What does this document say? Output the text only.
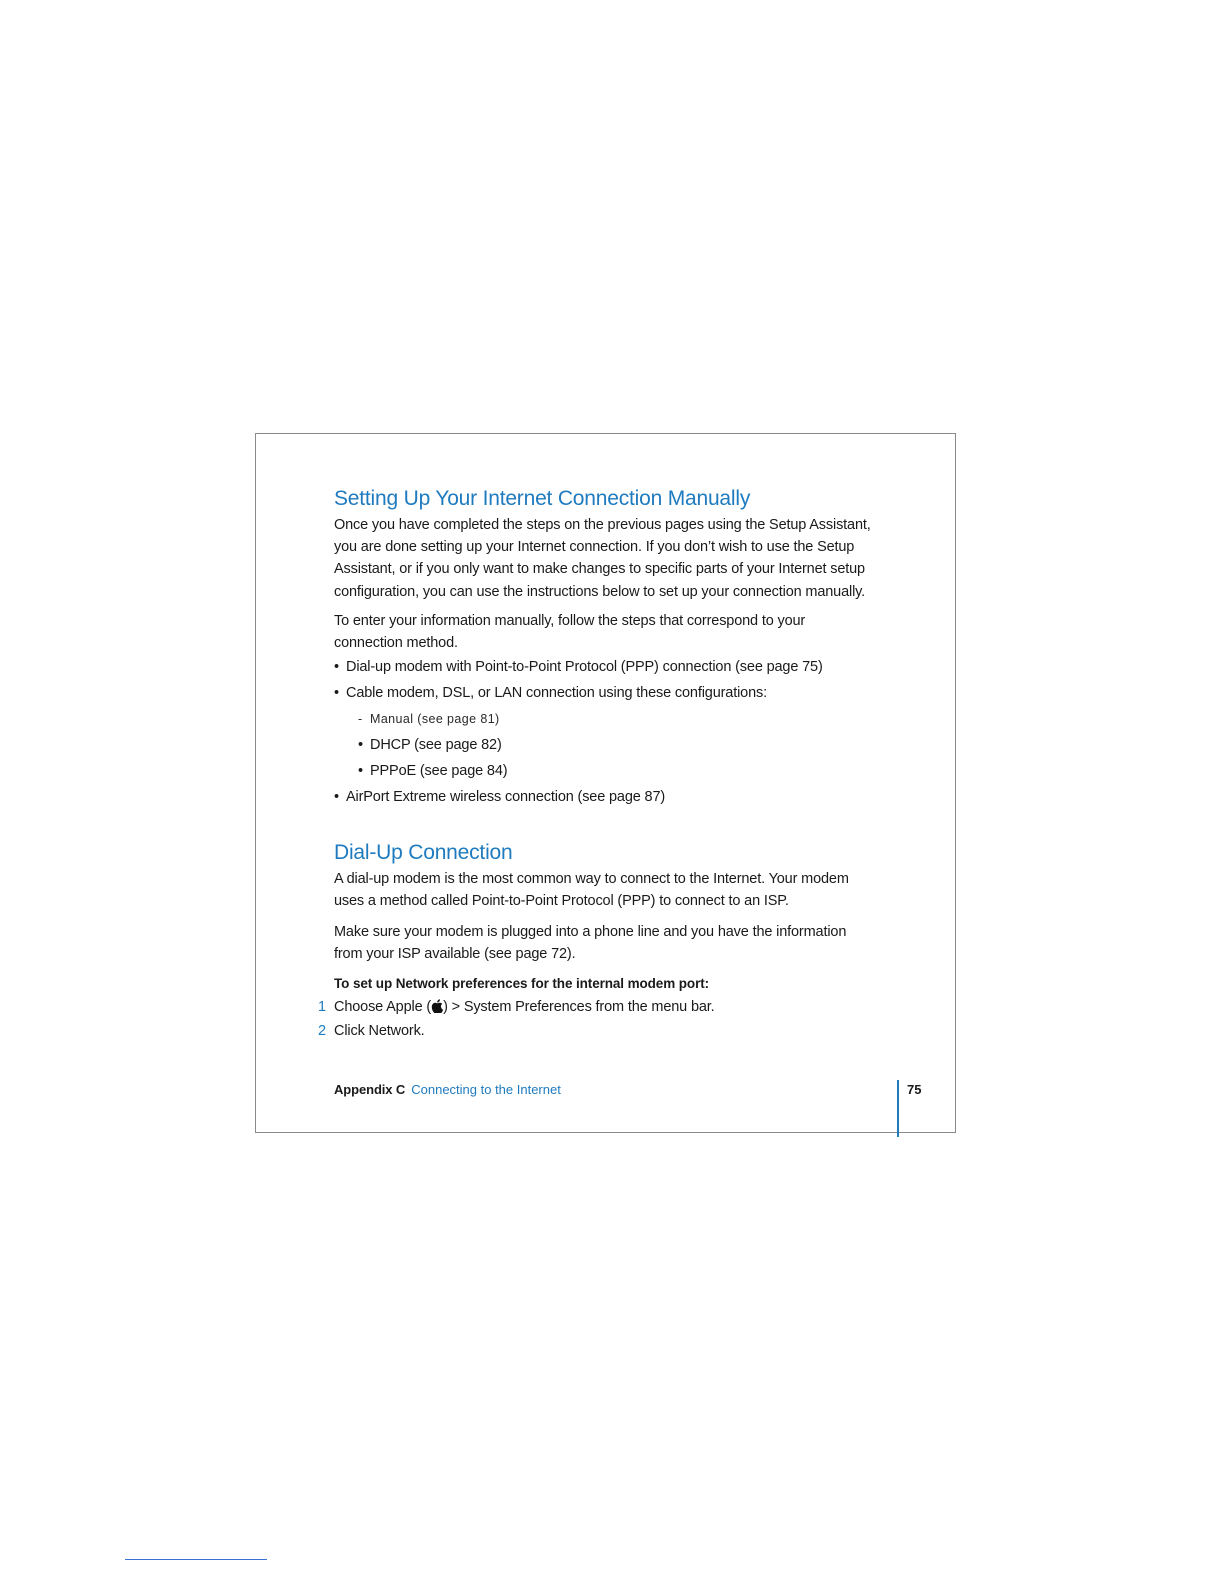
Setting Up Your Internet Connection Manually

Once you have completed the steps on the previous pages using the Setup Assistant,
you are done setting up your Internet connection. If you don’t wish to use the Setup
Assistant, or if you only want to make changes to specific parts of your Internet setup
configuration, you can use the instructions below to set up your connection manually.

To enter your information manually, follow the steps that correspond to your
connection method.

• Dial-up modem with Point-to-Point Protocol (PPP) connection (see page 75)
• Cable modem, DSL, or LAN connection using these configurations:
- Manual (see page 81)
• DHCP (see page 82)
• PPPoE (see page 84)
• AirPort Extreme wireless connection (see page 87)
Dial-Up Connection

A dial-up modem is the most common way to connect to the Internet. Your modem
uses a method called Point-to-Point Protocol (PPP) to connect to an ISP.

Make sure your modem is plugged into a phone line and you have the information
from your ISP available (see page 72).

To set up Network preferences for the internal modem port:
1 Choose Apple ( ) > System Preferences from the menu bar.
2 Click Network.
Appendix C Connecting to the Internet	75
